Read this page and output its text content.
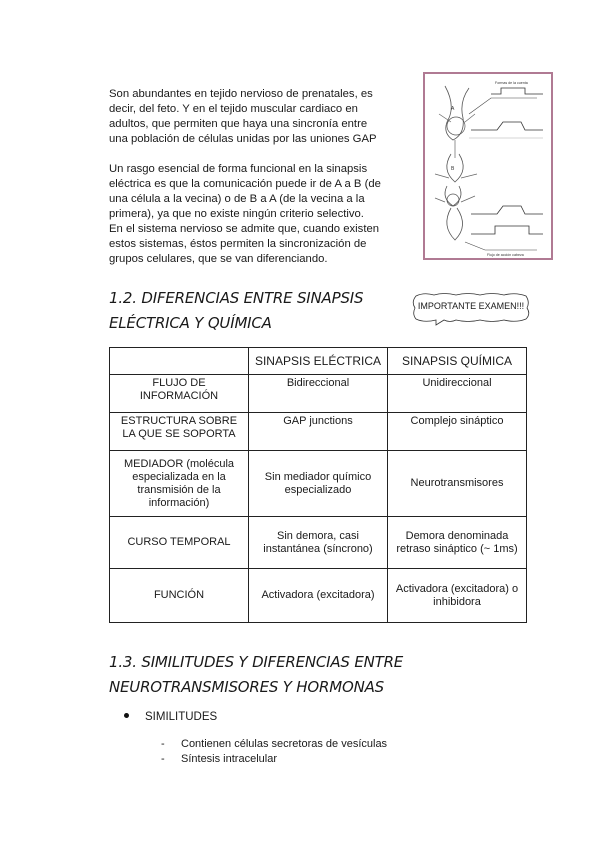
Son abundantes en tejido nervioso de prenatales, es
decir, del feto. Y en el tejido muscular cardiaco en
adultos, que permiten que haya una sincronía entre
una población de células unidas por las uniones GAP
Un rasgo esencial de forma funcional en la sinapsis
eléctrica es que la comunicación puede ir de A a B (de
una célula a la vecina) o de B a A (de la vecina a la
primera), ya que no existe ningún criterio selectivo.
En el sistema nervioso se admite que, cuando existen
estos sistemas, éstos permiten la sincronización de
grupos celulares, que se van diferenciando.
A
B
Formas de la cuenta
Flujo de acción cabeza
1.2. DIFERENCIAS ENTRE SINAPSIS
ELÉCTRICA Y QUÍMICA
IMPORTANTE EXAMEN!!!
	SINAPSIS ELÉCTRICA	SINAPSIS QUÍMICA
FLUJO DE INFORMACIÓN	Bidireccional	Unidireccional
ESTRUCTURA SOBRE LA QUE SE SOPORTA	GAP junctions	Complejo sináptico
MEDIADOR (molécula especializada en la transmisión de la información)	Sin mediador químico especializado	Neurotransmisores
CURSO TEMPORAL	Sin demora, casi instantánea (síncrono)	Demora denominada retraso sináptico (~ 1ms)
FUNCIÓN	Activadora (excitadora)	Activadora (excitadora) o inhibidora
1.3. SIMILITUDES Y DIFERENCIAS ENTRE
NEUROTRANSMISORES Y HORMONAS
SIMILITUDES
- Contienen células secretoras de vesículas
- Síntesis intracelular
